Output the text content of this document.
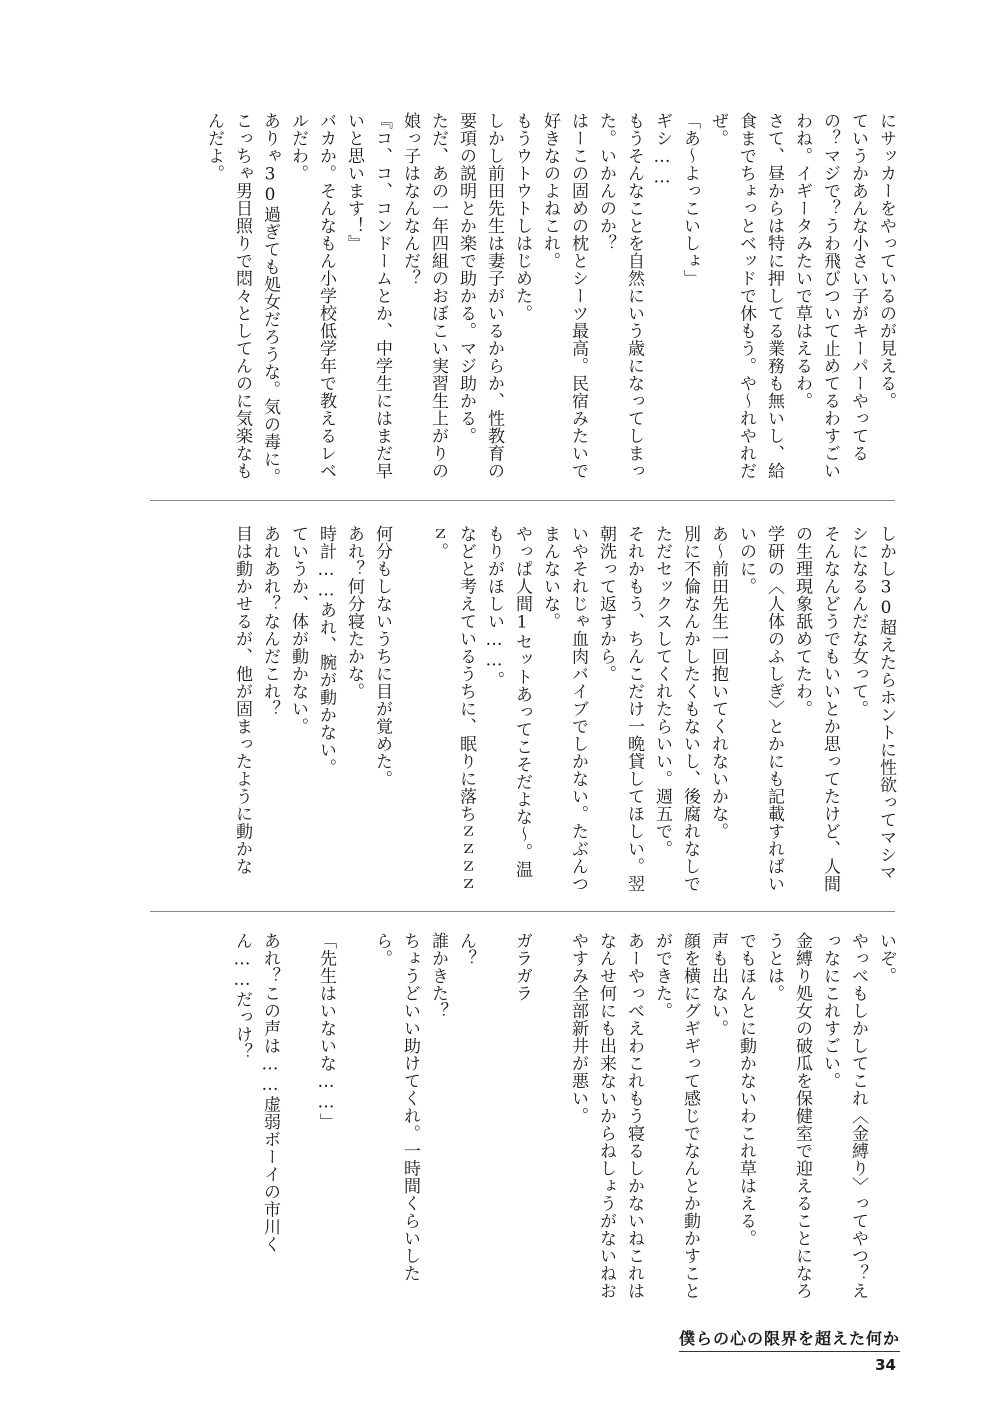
にサッカーをやっているのが見える。

ていうかあんな小さい子がキーパーやってるの？マジで？うわ飛びついて止めてるわすごいわね。イギータみたいで草はえるわ。

さて、昼からは特に押してる業務も無いし、給食までちょっとベッドで休もう。や〜れやれだぜ。

「あ〜よっこいしょ」

ギシ……

もうそんなことを自然にいう歳になってしまった。いかんのか？

はーこの固めの枕とシーツ最高。民宿みたいで好きなのよねこれ。

もうウトウトしはじめた。

しかし前田先生は妻子がいるからか、性教育の要項の説明とか楽で助かる。マジ助かる。

ただ、あの一年四組のおぼこい実習生上がりの娘っ子はなんなんだ？

『コ、コ、コンドームとか、中学生にはまだ早いと思います！』

バカか。そんなもん小学校低学年で教えるレベルだわ。

ありゃ30過ぎても処女だろうな。気の毒に。

こっちゃ男日照りで悶々としてんのに気楽なもんだよ。

しかし30超えたらホントに性欲ってマシマシになるんだな女って。

そんなんどうでもいいとか思ってたけど、人間の生理現象舐めてたわ。

学研の〈人体のふしぎ〉とかにも記載すればいいのに。

あ〜前田先生一回抱いてくれないかな。

別に不倫なんかしたくもないし、後腐れなしでただセックスしてくれたらいい。週五で。

それかもう、ちんこだけ一晩貸してほしい。翌朝洗って返すから。

いやそれじゃ血肉バイブでしかない。たぶんつまんないな。

やっぱ人間1セットあってこそだよな〜。温もりがほしい……。

などと考えているうちに、眠りに落ちｚｚｚｚｚ。

何分もしないうちに目が覚めた。

あれ？何分寝たかな。

時計……あれ、腕が動かない。

ていうか、体が動かない。

あれあれ？なんだこれ？

目は動かせるが、他が固まったように動かな

いぞ。

やっべもしかしてこれ〈金縛り〉ってやつ？えっなにこれすごい。

金縛り処女の破瓜を保健室で迎えることになろうとは。

でもほんとに動かないわこれ草はえる。

声も出ない。

顔を横にグギギって感じでなんとか動かすことができた。

あーやっべえわこれもう寝るしかないねこれはなんせ何にも出来ないからねしょうがないねおやすみ全部新井が悪い。

ガラガラ

ん？

誰かきた？

ちょうどいい助けてくれ。一時間くらいしたら。

「先生はいないな……」

あれ？この声は……虚弱ボーイの市川くん……だっけ？

僕らの心の限界を超えた何か
34
